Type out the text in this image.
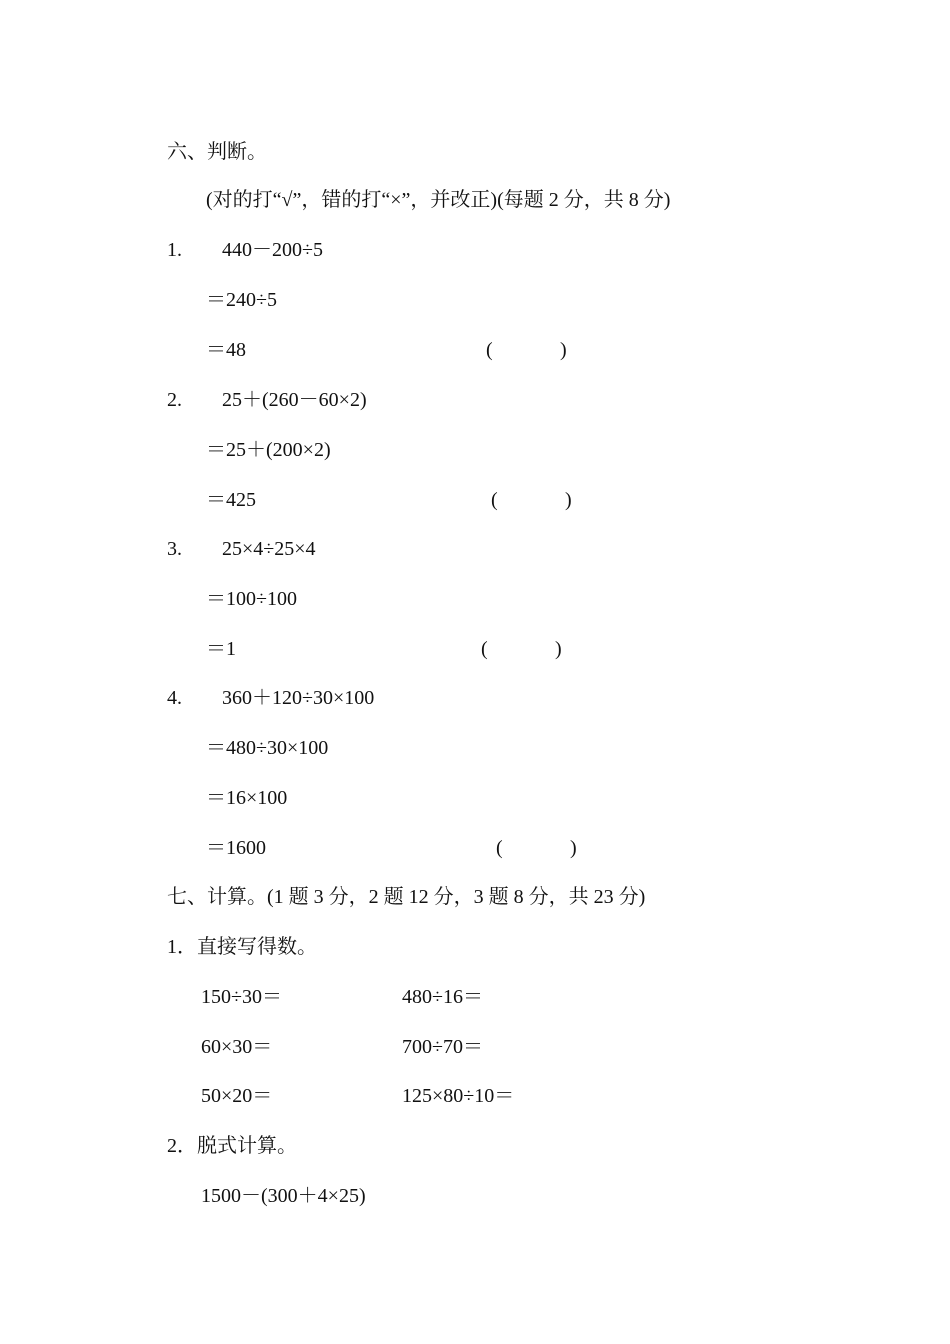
六、判断。
(对的打“√”，错的打“×”，并改正)(每题 2 分，共 8 分)
1. 440－200÷5
＝240÷5
＝48	(	)
2. 25＋(260－60×2)
＝25＋(200×2)
＝425	(	)
3. 25×4÷25×4
＝100÷100
＝1	(	)
4. 360＋120÷30×100
＝480÷30×100
＝16×100
＝1600	(	)
七、计算。(1 题 3 分，2 题 12 分，3 题 8 分，共 23 分)
1．直接写得数。
150÷30＝	480÷16＝
60×30＝	700÷70＝
50×20＝	125×80÷10＝
2．脱式计算。
1500－(300＋4×25)
